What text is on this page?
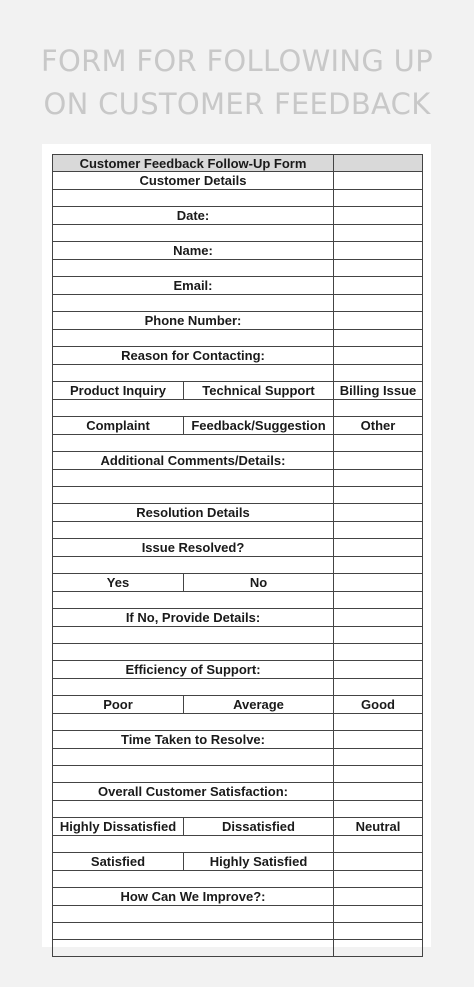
FORM FOR FOLLOWING UP
ON CUSTOMER FEEDBACK
Customer Feedback Follow-Up Form		
Customer Details		

Date:		

Name:		

Email:		

Phone Number:		

Reason for Contacting:		

Product Inquiry	Technical Support	Billing Issue

Complaint	Feedback/Suggestion	Other

Additional Comments/Details:		

Resolution Details		

Issue Resolved?		

Yes	No	

If No, Provide Details:		

Efficiency of Support:		

Poor	Average	Good

Time Taken to Resolve:		

Overall Customer Satisfaction:		

Highly Dissatisfied	Dissatisfied	Neutral

Satisfied	Highly Satisfied	

How Can We Improve?:		
